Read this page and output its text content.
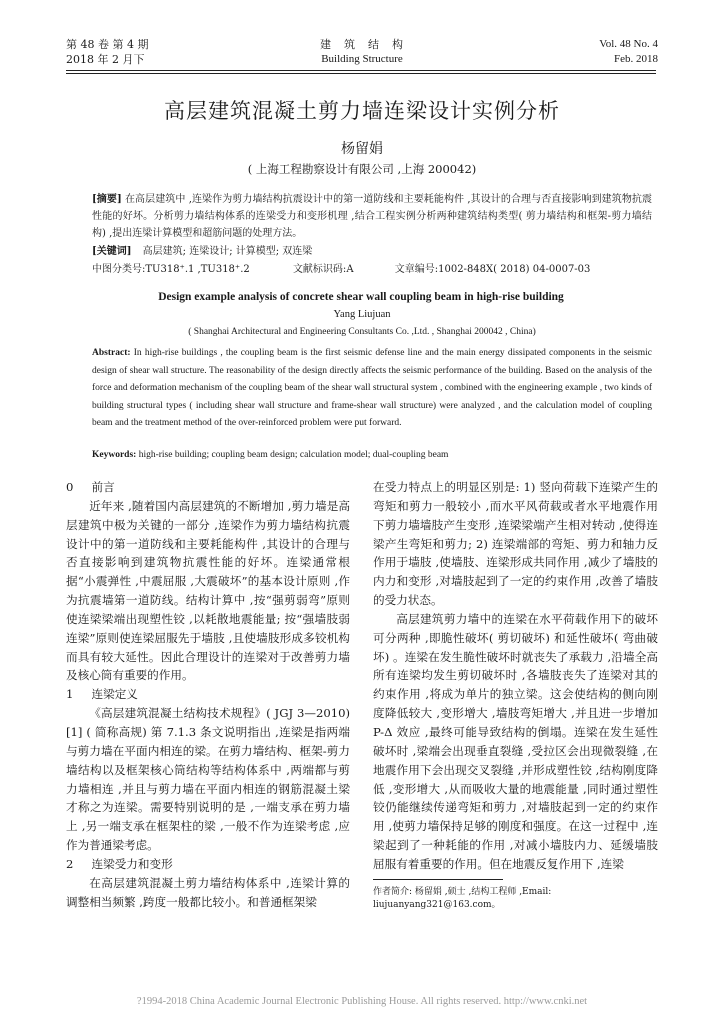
第 48 卷 第 4 期
2018 年 2 月下
建　筑　结　构
Building Structure
Vol. 48 No. 4
Feb. 2018
高层建筑混凝土剪力墙连梁设计实例分析
杨留娟
( 上海工程勘察设计有限公司 ,上海 200042)
[摘要] 在高层建筑中 ,连梁作为剪力墙结构抗震设计中的第一道防线和主要耗能构件 ,其设计的合理与否直接影响到建筑物抗震性能的好坏。分析剪力墙结构体系的连梁受力和变形机理 ,结合工程实例分析两种建筑结构类型( 剪力墙结构和框架-剪力墙结构) ,提出连梁计算模型和超筋问题的处理方法。
[关键词] 高层建筑; 连梁设计; 计算模型; 双连梁
中图分类号:TU318⁺.1 ,TU318⁺.2	文献标识码:A	文章编号:1002-848X( 2018) 04-0007-03
Design example analysis of concrete shear wall coupling beam in high-rise building
Yang Liujuan
( Shanghai Architectural and Engineering Consultants Co. ,Ltd. , Shanghai 200042 , China)
Abstract: In high-rise buildings , the coupling beam is the first seismic defense line and the main energy dissipated components in the seismic design of shear wall structure. The reasonability of the design directly affects the seismic performance of the building. Based on the analysis of the force and deformation mechanism of the coupling beam of the shear wall structural system , combined with the engineering example , two kinds of building structural types ( including shear wall structure and frame-shear wall structure) were analyzed , and the calculation model of coupling beam and the treatment method of the over-reinforced problem were put forward.
Keywords: high-rise building; coupling beam design; calculation model; dual-coupling beam

0 前言

近年来 ,随着国内高层建筑的不断增加 ,剪力墙是高层建筑中极为关键的一部分 ,连梁作为剪力墙结构抗震设计中的第一道防线和主要耗能构件 ,其设计的合理与否直接影响到建筑物抗震性能的好坏。连梁通常根据“小震弹性 ,中震屈服 ,大震破坏”的基本设计原则 ,作为抗震墙第一道防线。结构计算中 ,按“强剪弱弯”原则使连梁梁端出现塑性铰 ,以耗散地震能量; 按“强墙肢弱连梁”原则使连梁屈服先于墙肢 ,且使墙肢形成多铰机构而具有较大延性。因此合理设计的连梁对于改善剪力墙及核心筒有重要的作用。

1 连梁定义

《高层建筑混凝土结构技术规程》( JGJ 3—2010) [1] ( 简称高规) 第 7.1.3 条文说明指出 ,连梁是指两端与剪力墙在平面内相连的梁。在剪力墙结构、框架-剪力墙结构以及框架核心筒结构等结构体系中 ,两端都与剪力墙相连 ,并且与剪力墙在平面内相连的钢筋混凝土梁才称之为连梁。需要特别说明的是 ,一端支承在剪力墙上 ,另一端支承在框架柱的梁 ,一般不作为连梁考虑 ,应作为普通梁考虑。

2 连梁受力和变形

在高层建筑混凝土剪力墙结构体系中 ,连梁计算的调整相当频繁 ,跨度一般都比较小。和普通框架梁

在受力特点上的明显区别是: 1) 竖向荷载下连梁产生的弯矩和剪力一般较小 ,而水平风荷载或者水平地震作用下剪力墙墙肢产生变形 ,连梁梁端产生相对转动 ,使得连梁产生弯矩和剪力; 2) 连梁端部的弯矩、剪力和轴力反作用于墙肢 ,使墙肢、连梁形成共同作用 ,减少了墙肢的内力和变形 ,对墙肢起到了一定的约束作用 ,改善了墙肢的受力状态。

高层建筑剪力墙中的连梁在水平荷载作用下的破坏可分两种 ,即脆性破坏( 剪切破坏) 和延性破坏( 弯曲破坏) 。连梁在发生脆性破坏时就丧失了承载力 ,沿墙全高所有连梁均发生剪切破坏时 ,各墙肢丧失了连梁对其的约束作用 ,将成为单片的独立梁。这会使结构的侧向刚度降低较大 ,变形增大 ,墙肢弯矩增大 ,并且进一步增加 P-Δ 效应 ,最终可能导致结构的倒塌。连梁在发生延性破坏时 ,梁端会出现垂直裂缝 ,受拉区会出现微裂缝 ,在地震作用下会出现交叉裂缝 ,并形成塑性铰 ,结构刚度降低 ,变形增大 ,从而吸收大量的地震能量 ,同时通过塑性铰仍能继续传递弯矩和剪力 ,对墙肢起到一定的约束作用 ,使剪力墙保持足够的刚度和强度。在这一过程中 ,连梁起到了一种耗能的作用 ,对减小墙肢内力、延缓墙肢屈服有着重要的作用。但在地震反复作用下 ,连梁

作者简介: 杨留娟 ,硕士 ,结构工程师 ,Email: liujuanyang321@163.com。
?1994-2018 China Academic Journal Electronic Publishing House. All rights reserved. http://www.cnki.net
